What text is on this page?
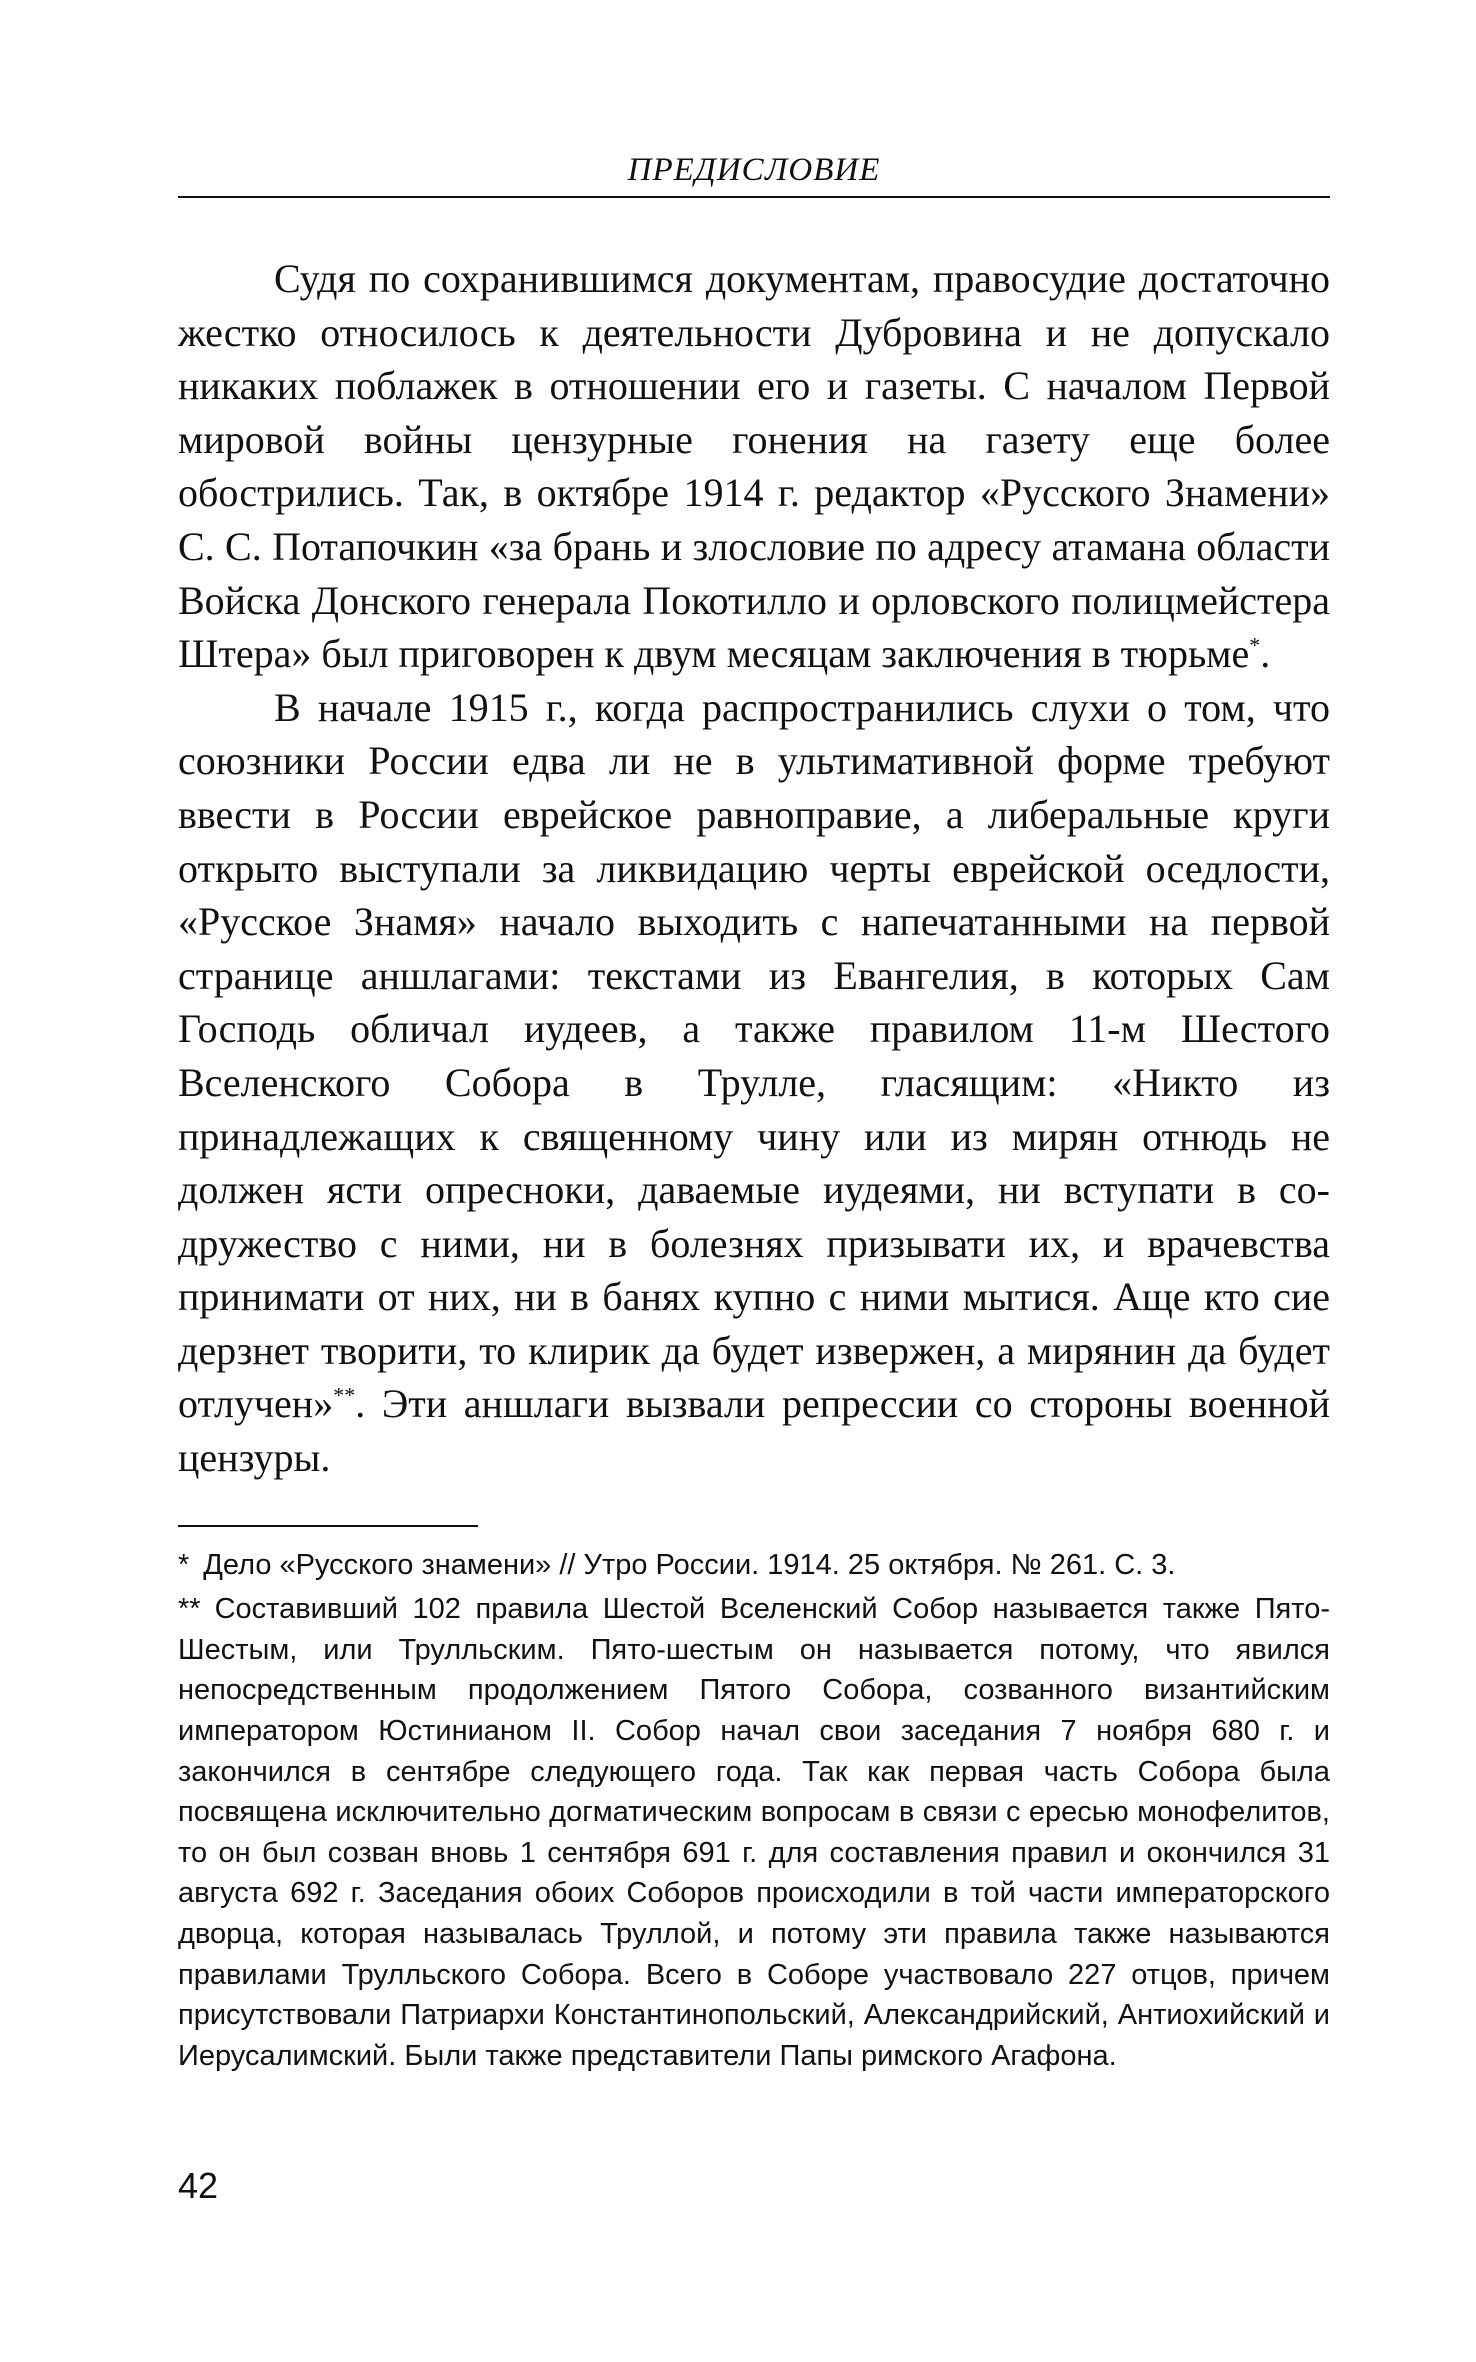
ПРЕДИСЛОВИЕ

Судя по сохранившимся документам, правосудие достаточно жестко относилось к деятельности Дубровина и не допускало никаких поблажек в отношении его и газеты. С началом Первой мировой войны цензурные гонения на газету еще более обострились. Так, в октябре 1914 г. редактор «Русского Знамени» С. С. Потапочкин «за брань и злословие по адресу атамана области Войска Донского генерала Покотилло и орловского полицмейстера Штера» был приговорен к двум месяцам заключения в тюрьме*.

В начале 1915 г., когда распространились слухи о том, что союзники России едва ли не в ультимативной форме требуют ввести в России еврейское равноправие, а либеральные круги открыто выступали за ликвидацию черты еврейской оседлости, «Русское Знамя» начало выходить с напечатанными на первой странице аншлагами: текстами из Евангелия, в которых Сам Господь обличал иудеев, а также правилом 11-м Шестого Вселенского Собора в Трулле, гласящим: «Никто из принадлежащих к священному чину или из мирян отнюдь не должен ясти опресноки, даваемые иудеями, ни вступати в содружество с ними, ни в болезнях призывати их, и врачевства принимати от них, ни в банях купно с ними мытися. Аще кто сие дерзнет творити, то клирик да будет извержен, а мирянин да будет отлучен»**. Эти аншлаги вызвали репрессии со стороны военной цензуры.

* Дело «Русского знамени» // Утро России. 1914. 25 октября. № 261. С. 3.

** Составивший 102 правила Шестой Вселенский Собор называется также Пято-Шестым, или Трулльским. Пято-шестым он называется потому, что явился непосредственным продолжением Пятого Собора, созванного византийским императором Юстинианом II. Собор начал свои заседания 7 ноября 680 г. и закончился в сентябре следующего года. Так как первая часть Собора была посвящена исключительно догматическим вопросам в связи с ересью монофелитов, то он был созван вновь 1 сентября 691 г. для составления правил и окончился 31 августа 692 г. Заседания обоих Соборов происходили в той части императорского дворца, которая называлась Труллой, и потому эти правила также называются правилами Трулльского Собора. Всего в Соборе участвовало 227 отцов, причем присутствовали Патриархи Константинопольский, Александрийский, Антиохийский и Иерусалимский. Были также представители Папы римского Агафона.

42
